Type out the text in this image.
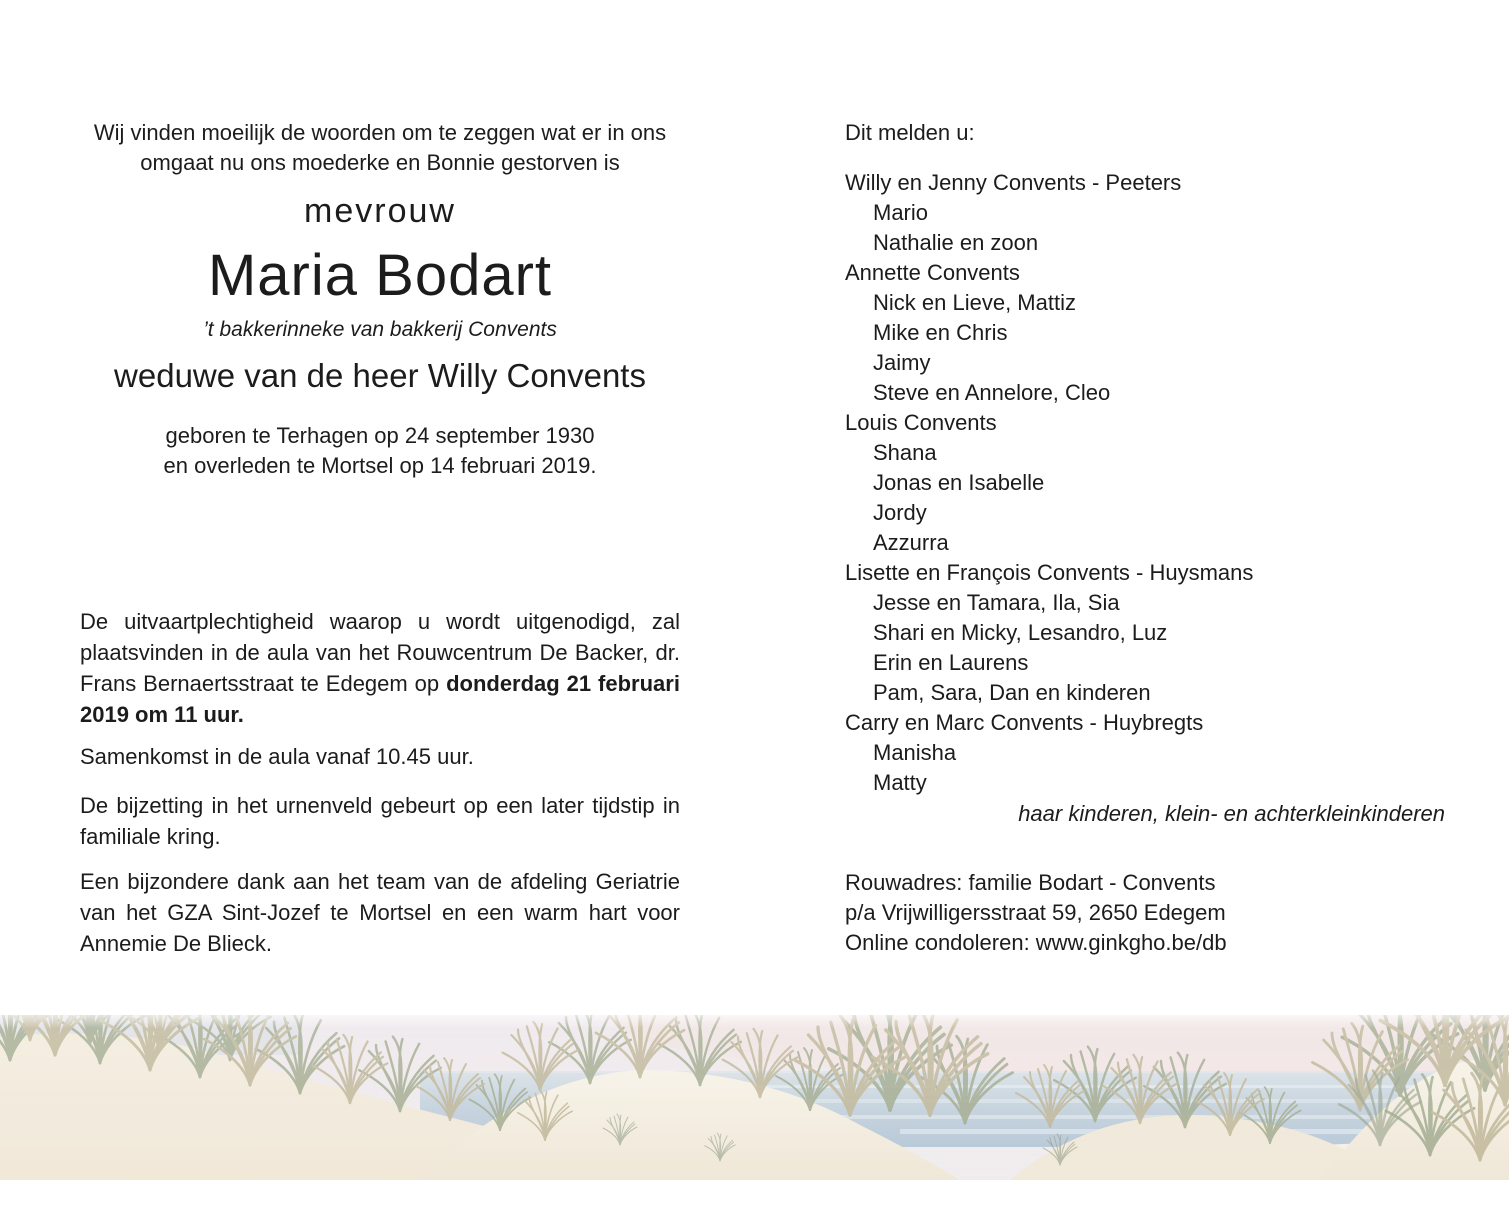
Wij vinden moeilijk de woorden om te zeggen wat er in ons
omgaat nu ons moederke en Bonnie gestorven is
mevrouw
Maria Bodart
’t bakkerinneke van bakkerij Convents
weduwe van de heer Willy Convents
geboren te Terhagen op 24 september 1930
en overleden te Mortsel op 14 februari 2019.

De uitvaartplechtigheid waarop u wordt uitgenodigd, zal plaatsvinden in de aula van het Rouwcentrum De Backer, dr. Frans Bernaertsstraat te Edegem op donderdag 21 februari 2019 om 11 uur.

Samenkomst in de aula vanaf 10.45 uur.

De bijzetting in het urnenveld gebeurt op een later tijdstip in familiale kring.

Een bijzondere dank aan het team van de afdeling Geriatrie van het GZA Sint-Jozef te Mortsel en een warm hart voor Annemie De Blieck.

Dit melden u:
Willy en Jenny Convents - Peeters
Mario
Nathalie en zoon
Annette Convents
Nick en Lieve, Mattiz
Mike en Chris
Jaimy
Steve en Annelore, Cleo
Louis Convents
Shana
Jonas en Isabelle
Jordy
Azzurra
Lisette en François Convents - Huysmans
Jesse en Tamara, Ila, Sia
Shari en Micky, Lesandro, Luz
Erin en Laurens
Pam, Sara, Dan en kinderen
Carry en Marc Convents - Huybregts
Manisha
Matty
haar kinderen, klein- en achterkleinkinderen
Rouwadres: familie Bodart - Convents
p/a Vrijwilligersstraat 59, 2650 Edegem
Online condoleren: www.ginkgho.be/db
